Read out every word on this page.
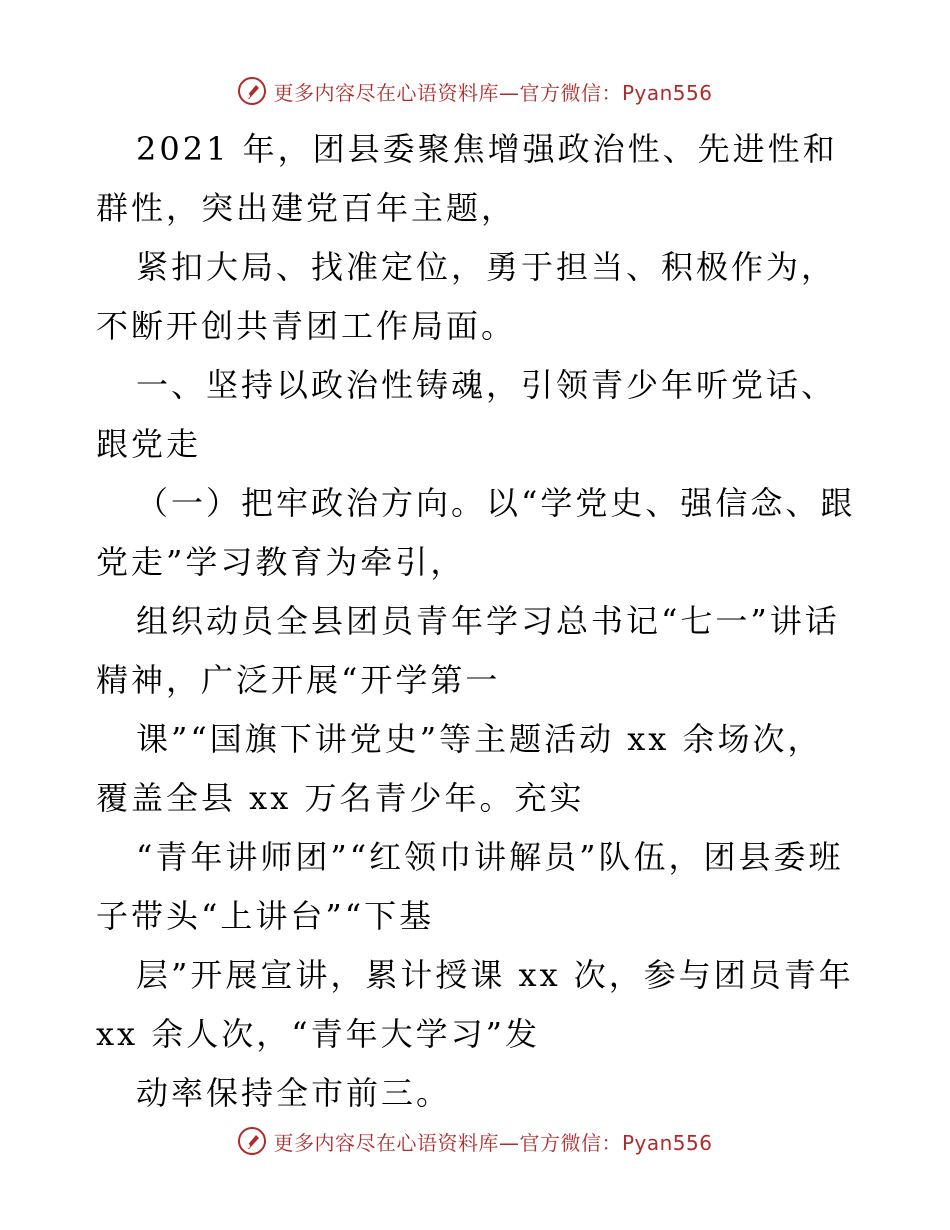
更多内容尽在心语资料库—官方微信：Pyan556

2021 年，团县委聚焦增强政治性、先进性和群性，突出建党百年主题，

紧扣大局、找准定位，勇于担当、积极作为，不断开创共青团工作局面。

一、坚持以政治性铸魂，引领青少年听党话、跟党走

（一）把牢政治方向。以“学党史、强信念、跟党走”学习教育为牵引，

组织动员全县团员青年学习总书记“七一”讲话精神，广泛开展“开学第一

课”“国旗下讲党史”等主题活动 xx 余场次，覆盖全县 xx 万名青少年。充实

“青年讲师团”“红领巾讲解员”队伍，团县委班子带头“上讲台”“下基

层”开展宣讲，累计授课 xx 次，参与团员青年 xx 余人次，“青年大学习”发

动率保持全市前三。

更多内容尽在心语资料库—官方微信：Pyan556
